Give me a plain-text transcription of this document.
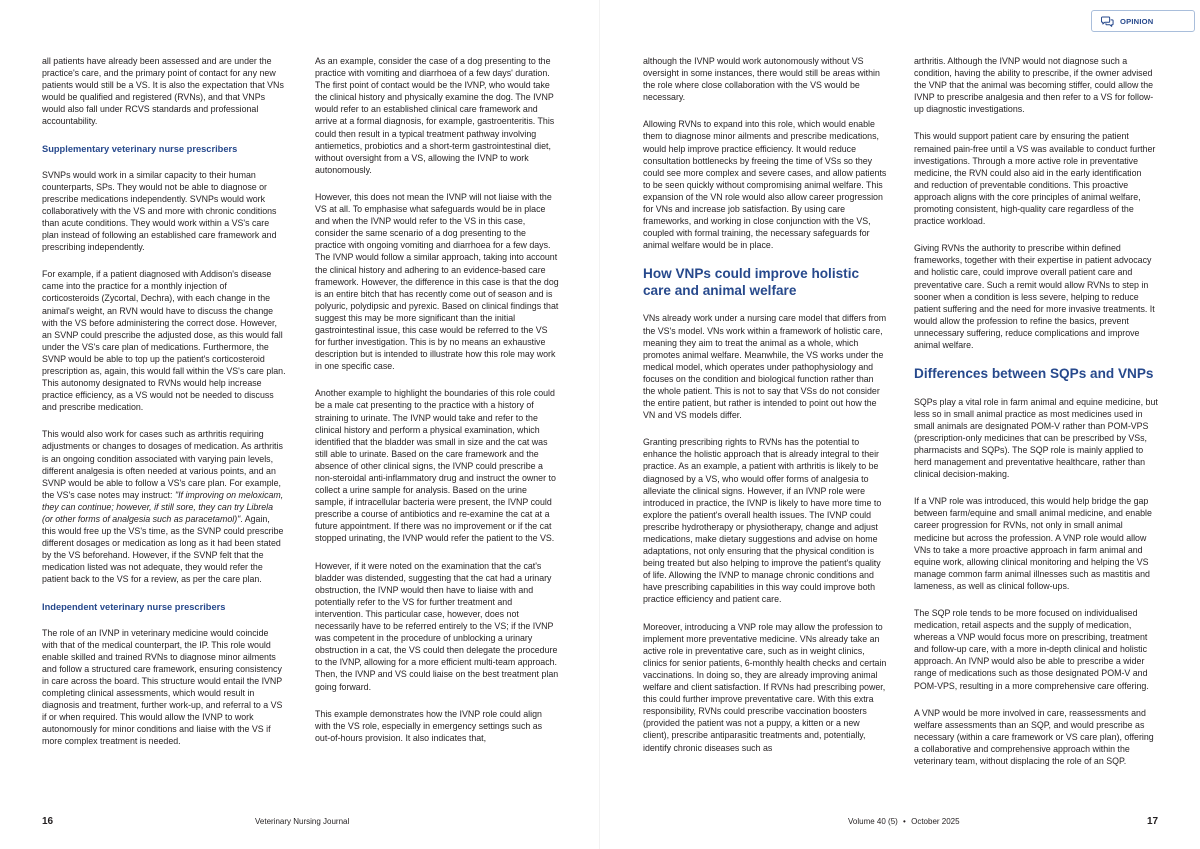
OPINION

all patients have already been assessed and are under the practice's care, and the primary point of contact for any new patients would still be a VS. It is also the expectation that VNs would be qualified and registered (RVNs), and that VNPs would also fall under RCVS standards and professional accountability.

Supplementary veterinary nurse prescribers

SVNPs would work in a similar capacity to their human counterparts, SPs. They would not be able to diagnose or prescribe medications independently. SVNPs would work collaboratively with the VS and more with chronic conditions than acute conditions. They would work within a VS's care plan instead of following an established care framework and prescribing independently.

For example, if a patient diagnosed with Addison's disease came into the practice for a monthly injection of corticosteroids (Zycortal, Dechra), with each change in the animal's weight, an RVN would have to discuss the change with the VS before administering the correct dose. However, an SVNP could prescribe the adjusted dose, as this would fall under the VS's care plan of medications. Furthermore, the SVNP would be able to top up the patient's corticosteroid prescription as, again, this would fall within the VS's care plan. This autonomy designated to RVNs would help increase practice efficiency, as a VS would not be needed to discuss and prescribe medication.

This would also work for cases such as arthritis requiring adjustments or changes to dosages of medication. As arthritis is an ongoing condition associated with varying pain levels, different analgesia is often needed at various points, and an SVNP would be able to follow a VS's care plan. For example, the VS's case notes may instruct: "If improving on meloxicam, they can continue; however, if still sore, they can try Librela (or other forms of analgesia such as paracetamol)". Again, this would free up the VS's time, as the SVNP could prescribe different dosages or medication as long as it had been stated by the VS beforehand. However, if the SVNP felt that the medication listed was not adequate, they would refer the patient back to the VS for a review, as per the care plan.

Independent veterinary nurse prescribers

The role of an IVNP in veterinary medicine would coincide with that of the medical counterpart, the IP. This role would enable skilled and trained RVNs to diagnose minor ailments and follow a structured care framework, ensuring consistency in care across the board. This structure would entail the IVNP completing clinical assessments, which would result in diagnosis and treatment, further work-up, and referral to a VS if or when required. This would allow the IVNP to work autonomously for minor conditions and liaise with the VS if more complex treatment is needed.

As an example, consider the case of a dog presenting to the practice with vomiting and diarrhoea of a few days' duration. The first point of contact would be the IVNP, who would take the clinical history and physically examine the dog. The IVNP would refer to an established clinical care framework and arrive at a formal diagnosis, for example, gastroenteritis. This could then result in a typical treatment pathway involving antiemetics, probiotics and a short-term gastrointestinal diet, without oversight from a VS, allowing the IVNP to work autonomously.

However, this does not mean the IVNP will not liaise with the VS at all. To emphasise what safeguards would be in place and when the IVNP would refer to the VS in this case, consider the same scenario of a dog presenting to the practice with ongoing vomiting and diarrhoea for a few days. The IVNP would follow a similar approach, taking into account the clinical history and adhering to an evidence-based care framework. However, the difference in this case is that the dog is an entire bitch that has recently come out of season and is polyuric, polydipsic and pyrexic. Based on clinical findings that suggest this may be more significant than the initial gastrointestinal issue, this case would be referred to the VS for further investigation. This is by no means an exhaustive description but is intended to illustrate how this role may work in one specific case.

Another example to highlight the boundaries of this role could be a male cat presenting to the practice with a history of straining to urinate. The IVNP would take and refer to the clinical history and perform a physical examination, which identified that the bladder was small in size and the cat was still able to urinate. Based on the care framework and the absence of other clinical signs, the IVNP could prescribe a non-steroidal anti-inflammatory drug and instruct the owner to collect a urine sample for analysis. Based on the urine sample, if intracellular bacteria were present, the IVNP could prescribe a course of antibiotics and re-examine the cat at a future appointment. If there was no improvement or if the cat stopped urinating, the IVNP would refer the patient to the VS.

However, if it were noted on the examination that the cat's bladder was distended, suggesting that the cat had a urinary obstruction, the IVNP would then have to liaise with and potentially refer to the VS for further treatment and intervention. This particular case, however, does not necessarily have to be referred entirely to the VS; if the IVNP was competent in the procedure of unblocking a urinary obstruction in a cat, the VS could then delegate the procedure to the IVNP, allowing for a more efficient multi-team approach. Then, the IVNP and VS could liaise on the best treatment plan going forward.

This example demonstrates how the IVNP role could align with the VS role, especially in emergency settings such as out-of-hours provision. It also indicates that,

although the IVNP would work autonomously without VS oversight in some instances, there would still be areas within the role where close collaboration with the VS would be necessary.

Allowing RVNs to expand into this role, which would enable them to diagnose minor ailments and prescribe medications, would help improve practice efficiency. It would reduce consultation bottlenecks by freeing the time of VSs so they could see more complex and severe cases, and allow patients to be seen quickly without compromising animal welfare. This expansion of the VN role would also allow career progression for VNs and increase job satisfaction. By using care frameworks, and working in close conjunction with the VS, coupled with formal training, the necessary safeguards for animal welfare would be in place.

How VNPs could improve holistic care and animal welfare

VNs already work under a nursing care model that differs from the VS's model. VNs work within a framework of holistic care, meaning they aim to treat the animal as a whole, which promotes animal welfare. Meanwhile, the VS works under the medical model, which operates under pathophysiology and focuses on the condition and biological function rather than the whole patient. This is not to say that VSs do not consider the entire patient, but rather is intended to point out how the VN and VS models differ.

Granting prescribing rights to RVNs has the potential to enhance the holistic approach that is already integral to their practice. As an example, a patient with arthritis is likely to be diagnosed by a VS, who would offer forms of analgesia to alleviate the clinical signs. However, if an IVNP role were introduced in practice, the IVNP is likely to have more time to explore the patient's overall health issues. The IVNP could prescribe hydrotherapy or physiotherapy, change and adjust medications, make dietary suggestions and advise on home adaptations, not only ensuring that the physical condition is being treated but also helping to improve the patient's quality of life. Allowing the IVNP to manage chronic conditions and have prescribing capabilities in this way could improve both practice efficiency and patient care.

Moreover, introducing a VNP role may allow the profession to implement more preventative medicine. VNs already take an active role in preventative care, such as in weight clinics, clinics for senior patients, 6-monthly health checks and certain vaccinations. In doing so, they are already improving animal welfare and client satisfaction. If RVNs had prescribing power, this could further improve preventative care. With this extra responsibility, RVNs could prescribe vaccination boosters (provided the patient was not a puppy, a kitten or a new client), prescribe antiparasitic treatments and, potentially, identify chronic diseases such as

arthritis. Although the IVNP would not diagnose such a condition, having the ability to prescribe, if the owner advised the VNP that the animal was becoming stiffer, could allow the IVNP to prescribe analgesia and then refer to a VS for follow-up diagnostic investigations.

This would support patient care by ensuring the patient remained pain-free until a VS was available to conduct further investigations. Through a more active role in preventative medicine, the RVN could also aid in the early identification and reduction of preventable conditions. This proactive approach aligns with the core principles of animal welfare, promoting consistent, high-quality care regardless of the practice workload.

Giving RVNs the authority to prescribe within defined frameworks, together with their expertise in patient advocacy and holistic care, could improve overall patient care and preventative care. Such a remit would allow RVNs to step in sooner when a condition is less severe, helping to reduce patient suffering and the need for more invasive treatments. It would allow the profession to refine the basics, prevent unnecessary suffering, reduce complications and improve animal welfare.

Differences between SQPs and VNPs

SQPs play a vital role in farm animal and equine medicine, but less so in small animal practice as most medicines used in small animals are designated POM-V rather than POM-VPS (prescription-only medicines that can be prescribed by VSs, pharmacists and SQPs). The SQP role is mainly applied to herd management and preventative healthcare, rather than clinical decision-making.

If a VNP role was introduced, this would help bridge the gap between farm/equine and small animal medicine, and enable career progression for RVNs, not only in small animal medicine but across the profession. A VNP role would allow VNs to take a more proactive approach in farm animal and equine work, allowing clinical monitoring and helping the VS manage common farm animal illnesses such as mastitis and lameness, as well as clinical follow-ups.

The SQP role tends to be more focused on individualised medication, retail aspects and the supply of medication, whereas a VNP would focus more on prescribing, treatment and follow-up care, with a more in-depth clinical and holistic approach. An IVNP would also be able to prescribe a wider range of medications such as those designated POM-V and POM-VPS, resulting in a more comprehensive care offering.

A VNP would be more involved in care, reassessments and welfare assessments than an SQP, and would prescribe as necessary (within a care framework or VS care plan), offering a collaborative and comprehensive approach within the veterinary team, without displacing the role of an SQP.

16	Veterinary Nursing Journal	Volume 40 (5) • October 2025	17
